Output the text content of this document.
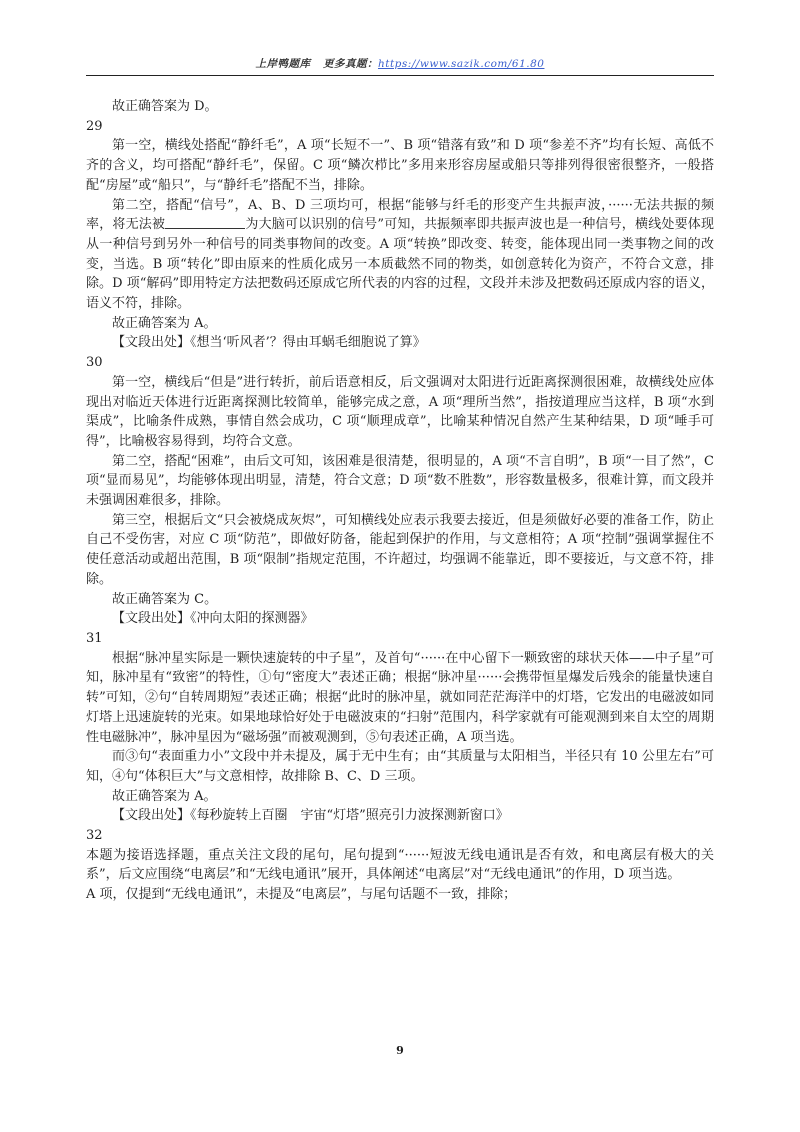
上岸鸭题库 更多真题：https://www.sazik.com/61.80

故正确答案为 D。

29

第一空，横线处搭配“静纤毛”，A 项“长短不一”、B 项“错落有致”和 D 项“参差不齐”均有长短、高低不齐的含义，均可搭配“静纤毛”，保留。C 项“鳞次栉比”多用来形容房屋或船只等排列得很密很整齐，一般搭配“房屋”或“船只”，与“静纤毛”搭配不当，排除。

第二空，搭配“信号”，A、B、D 三项均可，根据“能够与纤毛的形变产生共振声波，······无法共振的频率，将无法被	为大脑可以识别的信号”可知，共振频率即共振声波也是一种信号，横线处要体现从一种信号到另外一种信号的同类事物间的改变。A 项“转换”即改变、转变，能体现出同一类事物之间的改变，当选。B 项“转化”即由原来的性质化成另一本质截然不同的物类，如创意转化为资产，不符合文意，排除。D 项“解码”即用特定方法把数码还原成它所代表的内容的过程，文段并未涉及把数码还原成内容的语义，语义不符，排除。

故正确答案为 A。

【文段出处】《想当‘听风者’？得由耳蜗毛细胞说了算》

30

第一空，横线后“但是”进行转折，前后语意相反，后文强调对太阳进行近距离探测很困难，故横线处应体现出对临近天体进行近距离探测比较简单，能够完成之意，A 项“理所当然”，指按道理应当这样，B 项“水到渠成”，比喻条件成熟，事情自然会成功，C 项“顺理成章”，比喻某种情况自然产生某种结果，D 项“唾手可得”，比喻极容易得到，均符合文意。

第二空，搭配“困难”，由后文可知，该困难是很清楚，很明显的，A 项“不言自明”，B 项“一目了然”，C 项“显而易见”，均能够体现出明显，清楚，符合文意；D 项“数不胜数”，形容数量极多，很难计算，而文段并未强调困难很多，排除。

第三空，根据后文“只会被烧成灰烬”，可知横线处应表示我要去接近，但是须做好必要的准备工作，防止自己不受伤害，对应 C 项“防范”，即做好防备，能起到保护的作用，与文意相符；A 项“控制”强调掌握住不使任意活动或超出范围，B 项“限制”指规定范围，不许超过，均强调不能靠近，即不要接近，与文意不符，排除。

故正确答案为 C。

【文段出处】《冲向太阳的探测器》

31

根据“脉冲星实际是一颗快速旋转的中子星”，及首句“······在中心留下一颗致密的球状天体——中子星”可知，脉冲星有“致密”的特性，①句“密度大”表述正确；根据“脉冲星······会携带恒星爆发后残余的能量快速自转”可知，②句“自转周期短”表述正确；根据“此时的脉冲星，就如同茫茫海洋中的灯塔，它发出的电磁波如同灯塔上迅速旋转的光束。如果地球恰好处于电磁波束的“扫射”范围内，科学家就有可能观测到来自太空的周期性电磁脉冲”，脉冲星因为“磁场强”而被观测到，⑤句表述正确，A 项当选。

而③句“表面重力小”文段中并未提及，属于无中生有；由“其质量与太阳相当，半径只有 10 公里左右”可知，④句“体积巨大”与文意相悖，故排除 B、C、D 三项。

故正确答案为 A。

【文段出处】《每秒旋转上百圈　宇宙“灯塔”照亮引力波探测新窗口》

32

本题为接语选择题，重点关注文段的尾句，尾句提到“······短波无线电通讯是否有效，和电离层有极大的关系”，后文应围绕“电离层”和“无线电通讯”展开，具体阐述“电离层”对“无线电通讯”的作用，D 项当选。

A 项，仅提到“无线电通讯”，未提及“电离层”，与尾句话题不一致，排除；

9
